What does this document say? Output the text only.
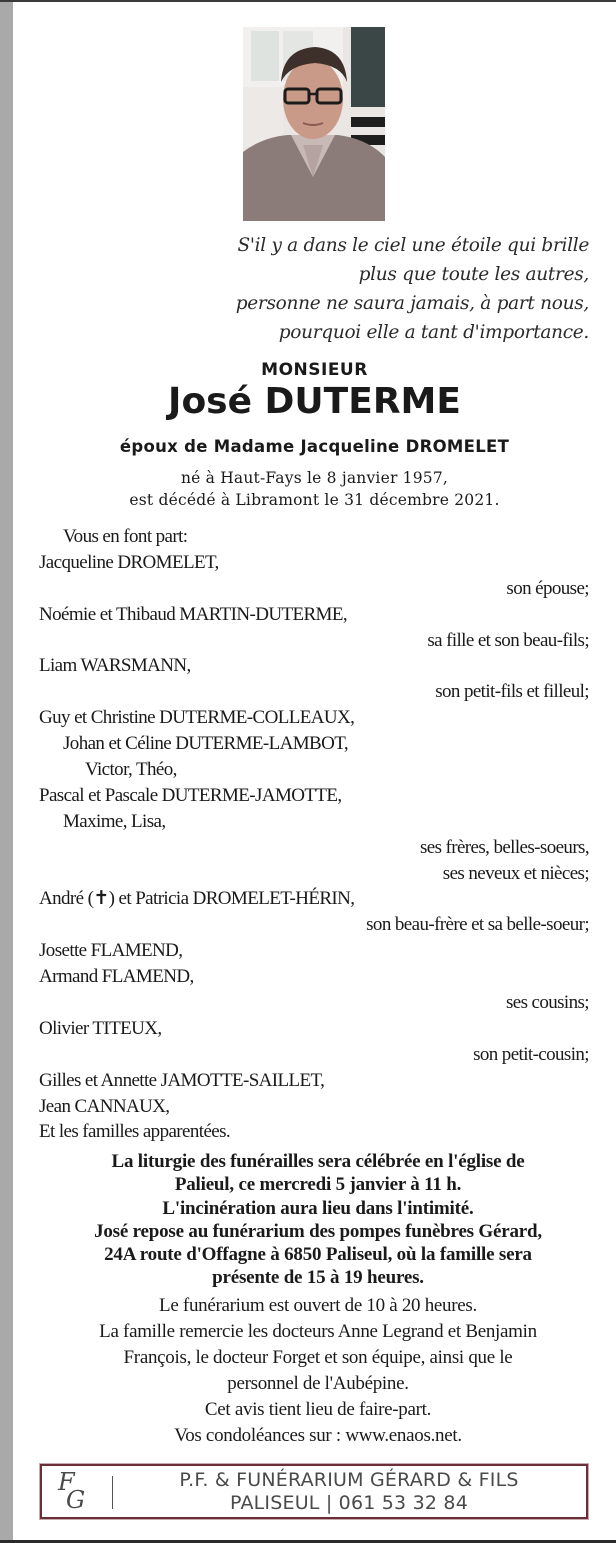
S'il y a dans le ciel une étoile qui brille
plus que toute les autres,
personne ne saura jamais, à part nous,
pourquoi elle a tant d'importance.
MONSIEUR
José DUTERME
époux de Madame Jacqueline DROMELET
né à Haut-Fays le 8 janvier 1957,
est décédé à Libramont le 31 décembre 2021.
Vous en font part:
Jacqueline DROMELET,
son épouse;
Noémie et Thibaud MARTIN-DUTERME,
sa fille et son beau-fils;
Liam WARSMANN,
son petit-fils et filleul;
Guy et Christine DUTERME-COLLEAUX,
Johan et Céline DUTERME-LAMBOT,
Victor, Théo,
Pascal et Pascale DUTERME-JAMOTTE,
Maxime, Lisa,
ses frères, belles-soeurs,
ses neveux et nièces;
André (✝) et Patricia DROMELET-HÉRIN,
son beau-frère et sa belle-soeur;
Josette FLAMEND,
Armand FLAMEND,
ses cousins;
Olivier TITEUX,
son petit-cousin;
Gilles et Annette JAMOTTE-SAILLET,
Jean CANNAUX,
Et les familles apparentées.
La liturgie des funérailles sera célébrée en l'église de
Palieul, ce mercredi 5 janvier à 11 h.
L'incinération aura lieu dans l'intimité.
José repose au funérarium des pompes funèbres Gérard,
24A route d'Offagne à 6850 Paliseul, où la famille sera
présente de 15 à 19 heures.
Le funérarium est ouvert de 10 à 20 heures.
La famille remercie les docteurs Anne Legrand et Benjamin
François, le docteur Forget et son équipe, ainsi que le
personnel de l'Aubépine.
Cet avis tient lieu de faire-part.
Vos condoléances sur : www.enaos.net.
F
G
P.F. & FUNÉRARIUM GÉRARD & FILS
PALISEUL | 061 53 32 84
